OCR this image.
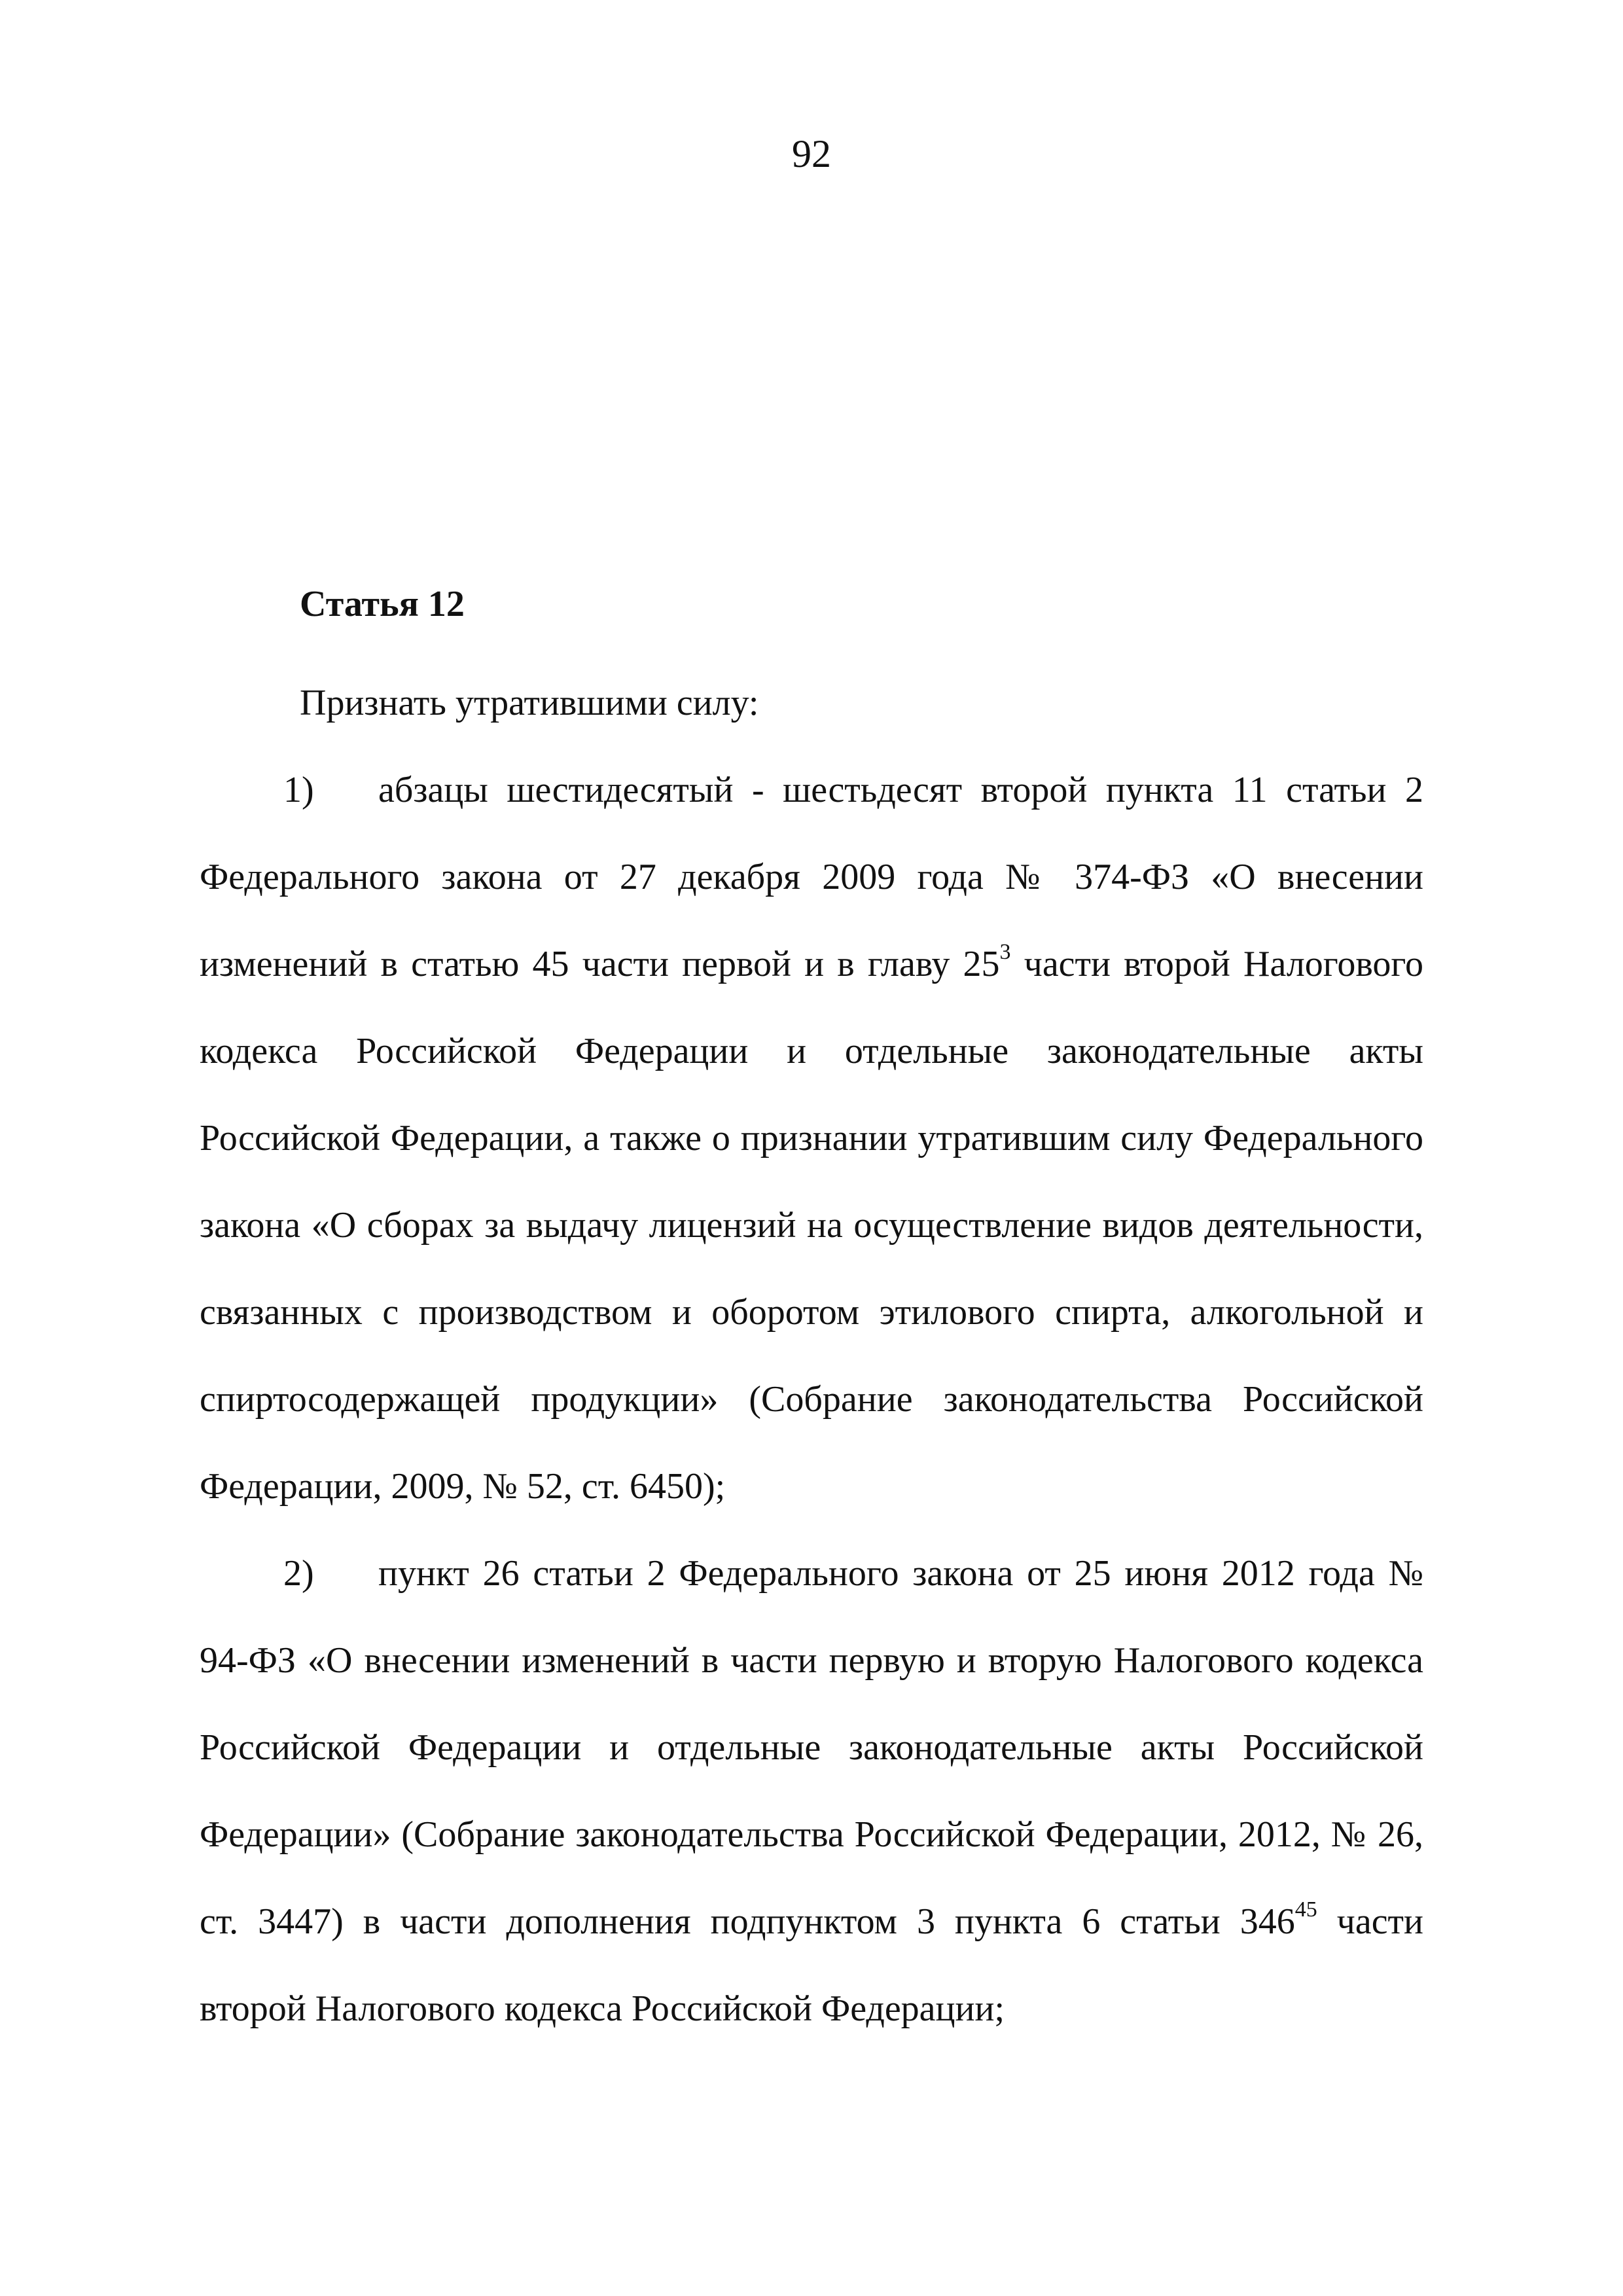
92
Статья 12

Признать утратившими силу:

1) абзацы шестидесятый - шестьдесят второй пункта 11 статьи 2 Федерального закона от 27 декабря 2009 года № 374-ФЗ «О внесении изменений в статью 45 части первой и в главу $25^3$ части второй Налогового кодекса Российской Федерации и отдельные законодательные акты Российской Федерации, а также о признании утратившим силу Федерального закона «О сборах за выдачу лицензий на осуществление видов деятельности, связанных с производством и оборотом этилового спирта, алкогольной и спиртосодержащей продукции» (Собрание законодательства Российской Федерации, 2009, № 52, ст. 6450);

2) пункт 26 статьи 2 Федерального закона от 25 июня 2012 года № 94-ФЗ «О внесении изменений в части первую и вторую Налогового кодекса Российской Федерации и отдельные законодательные акты Российской Федерации» (Собрание законодательства Российской Федерации, 2012, № 26, ст. 3447) в части дополнения подпунктом 3 пункта 6 статьи $346^{45}$ части второй Налогового кодекса Российской Федерации;
